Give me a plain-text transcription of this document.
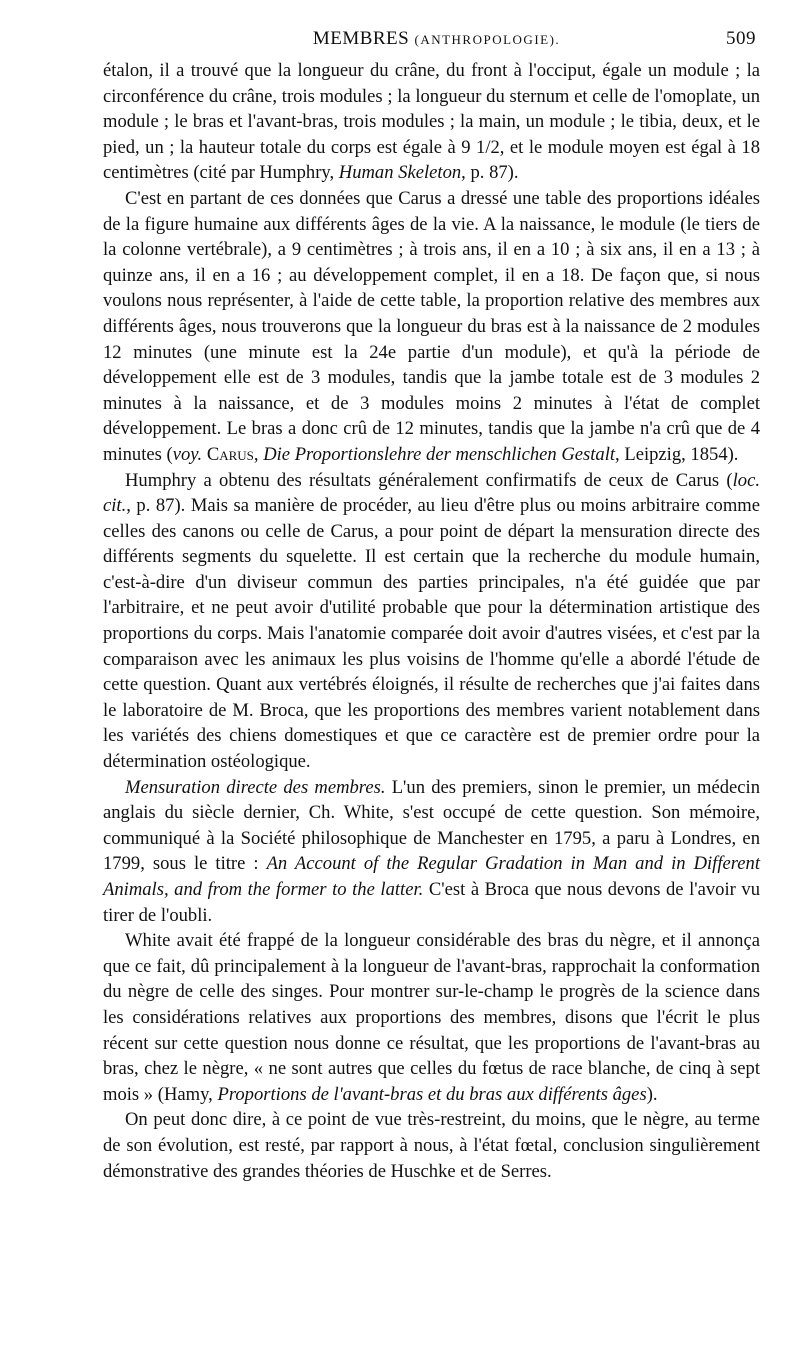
MEMBRES (ANTHROPOLOGIE).	509

étalon, il a trouvé que la longueur du crâne, du front à l'occiput, égale un module ; la circonférence du crâne, trois modules ; la longueur du sternum et celle de l'omoplate, un module ; le bras et l'avant-bras, trois modules ; la main, un module ; le tibia, deux, et le pied, un ; la hauteur totale du corps est égale à 9 1/2, et le module moyen est égal à 18 centimètres (cité par Humphry, Human Skeleton, p. 87).

C'est en partant de ces données que Carus a dressé une table des proportions idéales de la figure humaine aux différents âges de la vie. A la naissance, le module (le tiers de la colonne vertébrale), a 9 centimètres ; à trois ans, il en a 10 ; à six ans, il en a 13 ; à quinze ans, il en a 16 ; au développement complet, il en a 18. De façon que, si nous voulons nous représenter, à l'aide de cette table, la proportion relative des membres aux différents âges, nous trouverons que la longueur du bras est à la naissance de 2 modules 12 minutes (une minute est la 24e partie d'un module), et qu'à la période de développement elle est de 3 modules, tandis que la jambe totale est de 3 modules 2 minutes à la naissance, et de 3 modules moins 2 minutes à l'état de complet développement. Le bras a donc crû de 12 minutes, tandis que la jambe n'a crû que de 4 minutes (voy. Carus, Die Proportionslehre der menschlichen Gestalt, Leipzig, 1854).

Humphry a obtenu des résultats généralement confirmatifs de ceux de Carus (loc. cit., p. 87). Mais sa manière de procéder, au lieu d'être plus ou moins arbitraire comme celles des canons ou celle de Carus, a pour point de départ la mensuration directe des différents segments du squelette. Il est certain que la recherche du module humain, c'est-à-dire d'un diviseur commun des parties principales, n'a été guidée que par l'arbitraire, et ne peut avoir d'utilité probable que pour la détermination artistique des proportions du corps. Mais l'anatomie comparée doit avoir d'autres visées, et c'est par la comparaison avec les animaux les plus voisins de l'homme qu'elle a abordé l'étude de cette question. Quant aux vertébrés éloignés, il résulte de recherches que j'ai faites dans le laboratoire de M. Broca, que les proportions des membres varient notablement dans les variétés des chiens domestiques et que ce caractère est de premier ordre pour la détermination ostéologique.

Mensuration directe des membres. L'un des premiers, sinon le premier, un médecin anglais du siècle dernier, Ch. White, s'est occupé de cette question. Son mémoire, communiqué à la Société philosophique de Manchester en 1795, a paru à Londres, en 1799, sous le titre : An Account of the Regular Gradation in Man and in Different Animals, and from the former to the latter. C'est à Broca que nous devons de l'avoir vu tirer de l'oubli.

White avait été frappé de la longueur considérable des bras du nègre, et il annonça que ce fait, dû principalement à la longueur de l'avant-bras, rapprochait la conformation du nègre de celle des singes. Pour montrer sur-le-champ le progrès de la science dans les considérations relatives aux proportions des membres, disons que l'écrit le plus récent sur cette question nous donne ce résultat, que les proportions de l'avant-bras au bras, chez le nègre, « ne sont autres que celles du fœtus de race blanche, de cinq à sept mois » (Hamy, Proportions de l'avant-bras et du bras aux différents âges).

On peut donc dire, à ce point de vue très-restreint, du moins, que le nègre, au terme de son évolution, est resté, par rapport à nous, à l'état fœtal, conclusion singulièrement démonstrative des grandes théories de Huschke et de Serres.
